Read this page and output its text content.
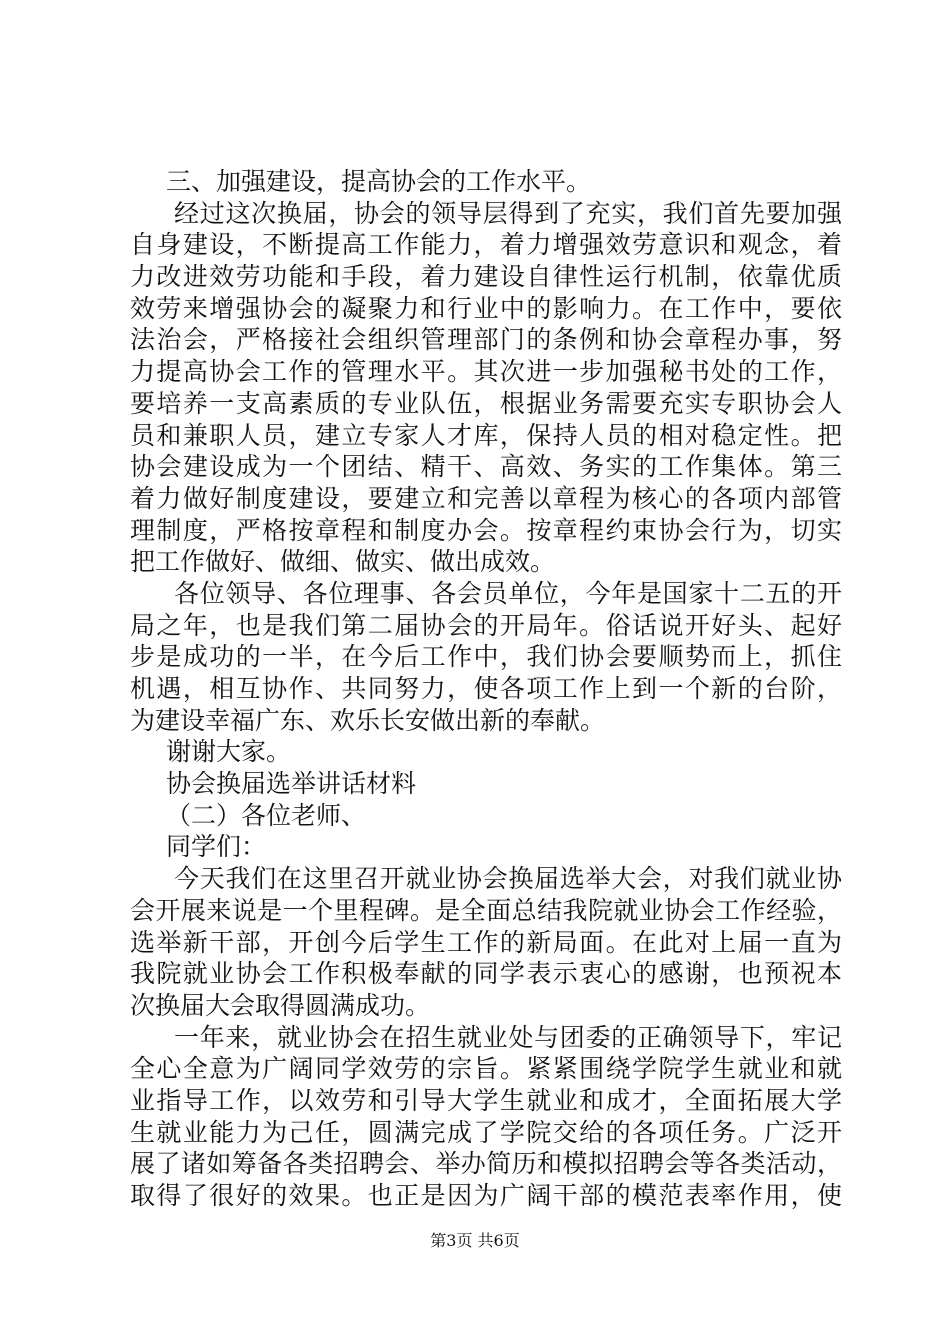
三、加强建设，提高协会的工作水平。
经过这次换届，协会的领导层得到了充实，我们首先要加强
自身建设，不断提高工作能力，着力增强效劳意识和观念，着
力改进效劳功能和手段，着力建设自律性运行机制，依靠优质
效劳来增强协会的凝聚力和行业中的影响力。在工作中，要依
法治会，严格接社会组织管理部门的条例和协会章程办事，努
力提高协会工作的管理水平。其次进一步加强秘书处的工作，
要培养一支高素质的专业队伍，根据业务需要充实专职协会人
员和兼职人员，建立专家人才库，保持人员的相对稳定性。把
协会建设成为一个团结、精干、高效、务实的工作集体。第三
着力做好制度建设，要建立和完善以章程为核心的各项内部管
理制度，严格按章程和制度办会。按章程约束协会行为，切实
把工作做好、做细、做实、做出成效。
各位领导、各位理事、各会员单位，今年是国家十二五的开
局之年，也是我们第二届协会的开局年。俗话说开好头、起好
步是成功的一半，在今后工作中，我们协会要顺势而上，抓住
机遇，相互协作、共同努力，使各项工作上到一个新的台阶，
为建设幸福广东、欢乐长安做出新的奉献。
谢谢大家。
协会换届选举讲话材料
（二）各位老师、
同学们：
今天我们在这里召开就业协会换届选举大会，对我们就业协
会开展来说是一个里程碑。是全面总结我院就业协会工作经验，
选举新干部，开创今后学生工作的新局面。在此对上届一直为
我院就业协会工作积极奉献的同学表示衷心的感谢，也预祝本
次换届大会取得圆满成功。
一年来，就业协会在招生就业处与团委的正确领导下，牢记
全心全意为广阔同学效劳的宗旨。紧紧围绕学院学生就业和就
业指导工作，以效劳和引导大学生就业和成才，全面拓展大学
生就业能力为己任，圆满完成了学院交给的各项任务。广泛开
展了诸如筹备各类招聘会、举办简历和模拟招聘会等各类活动，
取得了很好的效果。也正是因为广阔干部的模范表率作用，使
第3页 共6页
